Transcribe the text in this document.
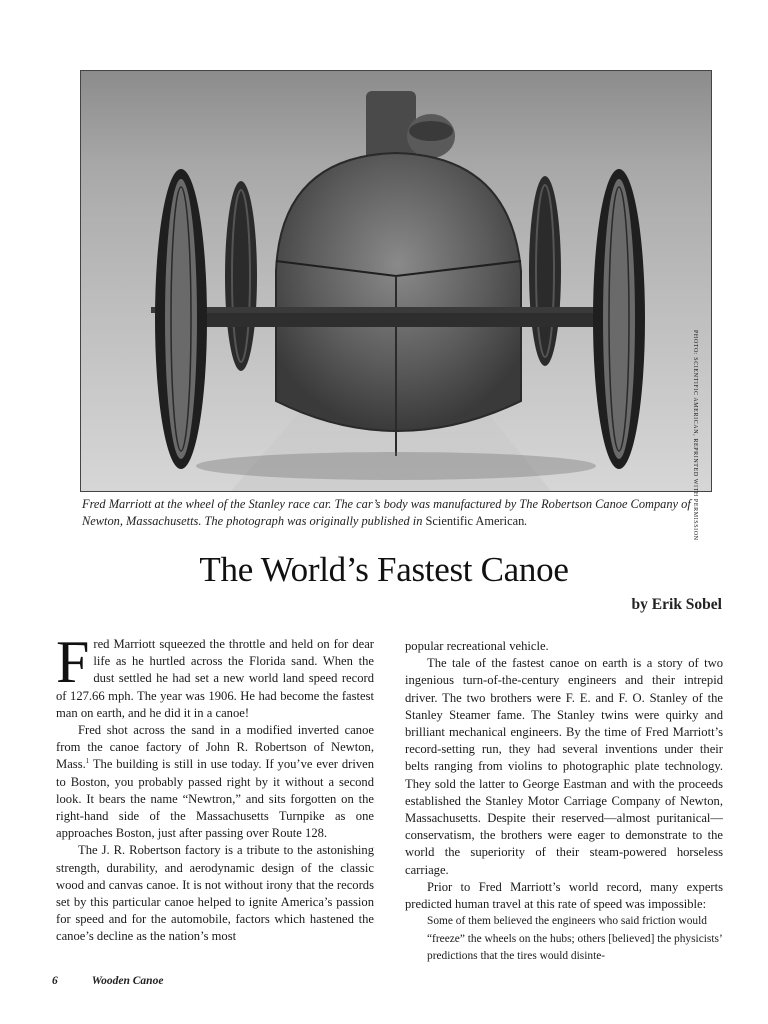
PHOTO: SCIENTIFIC AMERICAN, REPRINTED WITH PERMISSION
Fred Marriott at the wheel of the Stanley race car. The car’s body was manufactured by The Robertson Canoe Company of Newton, Massachusetts. The photograph was originally published in Scientific American.
The World’s Fastest Canoe
by Erik Sobel

Fred Marriott squeezed the throttle and held on for dear life as he hurtled across the Florida sand. When the dust settled he had set a new world land speed record of 127.66 mph. The year was 1906. He had become the fastest man on earth, and he did it in a canoe!

Fred shot across the sand in a modified inverted canoe from the canoe factory of John R. Robertson of Newton, Mass.$^1$ The building is still in use today. If you’ve ever driven to Boston, you probably passed right by it without a second look. It bears the name “Newtron,” and sits forgotten on the right-hand side of the Massachusetts Turnpike as one approaches Boston, just after passing over Route 128.

The J. R. Robertson factory is a tribute to the astonishing strength, durability, and aerodynamic design of the classic wood and canvas canoe. It is not without irony that the records set by this particular canoe helped to ignite America’s passion for speed and for the automobile, factors which hastened the canoe’s decline as the nation’s most

popular recreational vehicle.

The tale of the fastest canoe on earth is a story of two ingenious turn-of-the-century engineers and their intrepid driver. The two brothers were F. E. and F. O. Stanley of the Stanley Steamer fame. The Stanley twins were quirky and brilliant mechanical engineers. By the time of Fred Marriott’s record-setting run, they had several inventions under their belts ranging from violins to photographic plate technology. They sold the latter to George Eastman and with the proceeds established the Stanley Motor Carriage Company of Newton, Massachusetts. Despite their reserved—almost puritanical—conservatism, the brothers were eager to demonstrate to the world the superiority of their steam-powered horseless carriage.

Prior to Fred Marriott’s world record, many experts predicted human travel at this rate of speed was impossible:

Some of them believed the engineers who said friction would “freeze” the wheels on the hubs; others [believed] the physicists’ predictions that the tires would disinte-

6	Wooden Canoe
